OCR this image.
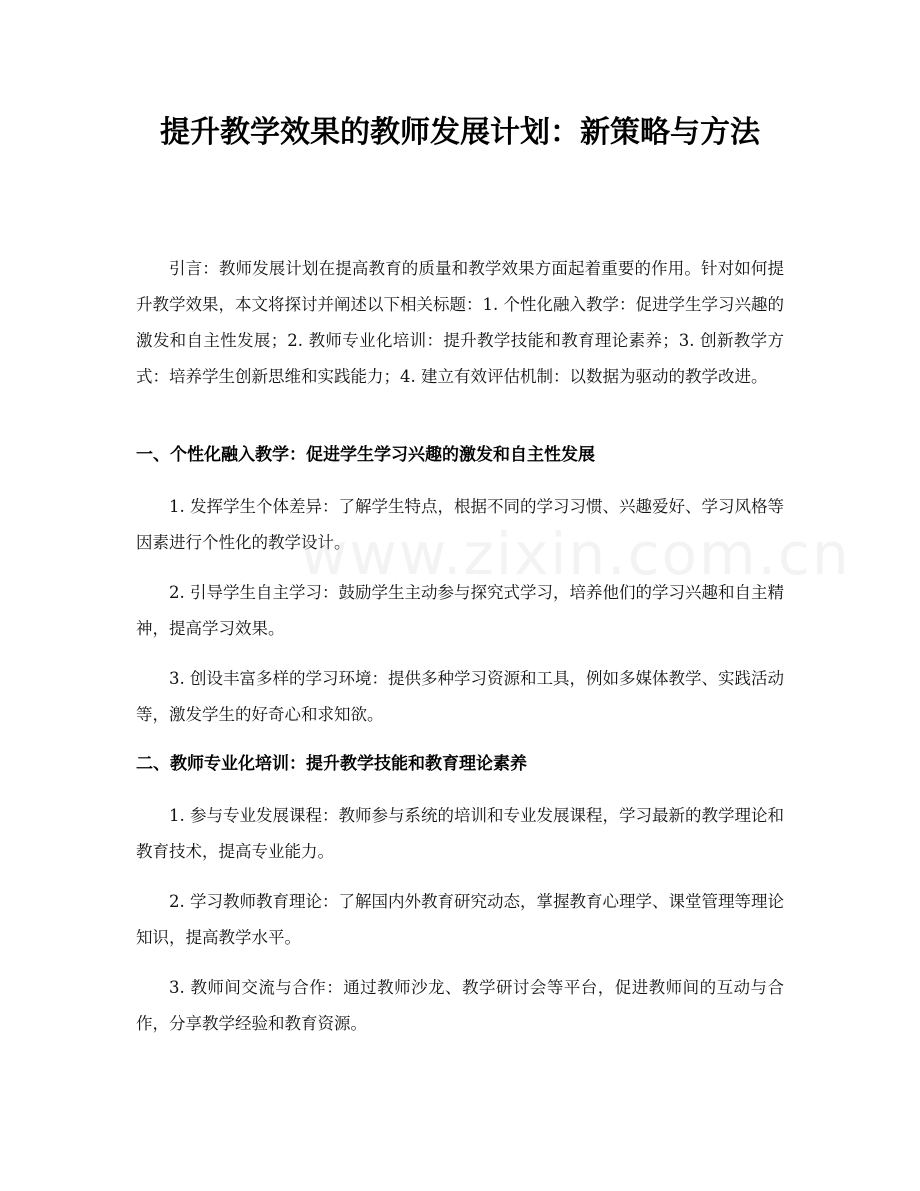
提升教学效果的教师发展计划：新策略与方法

引言：教师发展计划在提高教育的质量和教学效果方面起着重要的作用。针对如何提升教学效果，本文将探讨并阐述以下相关标题：1. 个性化融入教学：促进学生学习兴趣的激发和自主性发展；2. 教师专业化培训：提升教学技能和教育理论素养；3. 创新教学方式：培养学生创新思维和实践能力；4. 建立有效评估机制：以数据为驱动的教学改进。

一、个性化融入教学：促进学生学习兴趣的激发和自主性发展

1. 发挥学生个体差异：了解学生特点，根据不同的学习习惯、兴趣爱好、学习风格等因素进行个性化的教学设计。

2. 引导学生自主学习：鼓励学生主动参与探究式学习，培养他们的学习兴趣和自主精神，提高学习效果。

3. 创设丰富多样的学习环境：提供多种学习资源和工具，例如多媒体教学、实践活动等，激发学生的好奇心和求知欲。

二、教师专业化培训：提升教学技能和教育理论素养

1. 参与专业发展课程：教师参与系统的培训和专业发展课程，学习最新的教学理论和教育技术，提高专业能力。

2. 学习教师教育理论：了解国内外教育研究动态，掌握教育心理学、课堂管理等理论知识，提高教学水平。

3. 教师间交流与合作：通过教师沙龙、教学研讨会等平台，促进教师间的互动与合作，分享教学经验和教育资源。

www.zixin.com.cn
